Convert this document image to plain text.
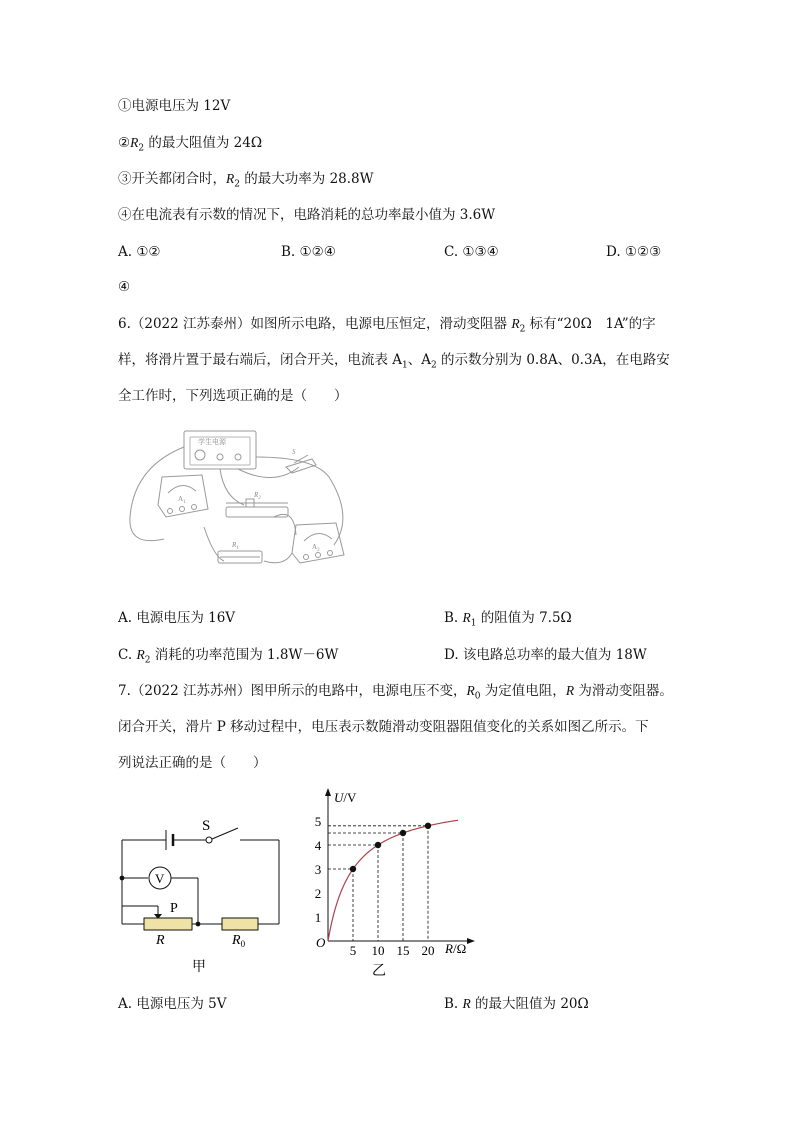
①电源电压为 12V
$②R_2$ 的最大阻值为 24Ω
③开关都闭合时，$R_2$ 的最大功率为 28.8W
④在电流表有示数的情况下，电路消耗的总功率最小值为 3.6W
A. ①②	B. ①②④	C. ①③④	D. ①②③
④
6.（2022 江苏泰州）如图所示电路，电源电压恒定，滑动变阻器 $R_2$ 标有“20Ω　1A”的字
样，将滑片置于最右端后，闭合开关，电流表 $A_1$、$A_2$ 的示数分别为 0.8A、0.3A，在电路安
全工作时，下列选项正确的是（　　）
学生电源
S
$R_2$
$R_1$
$A_1$
$A_2$
A. 电源电压为 16V	B. $R_1$ 的阻值为 7.5Ω
C. $R_2$ 消耗的功率范围为 1.8W－6W	D. 该电路总功率的最大值为 18W
7.（2022 江苏苏州）图甲所示的电路中，电源电压不变，$R_0$ 为定值电阻，R 为滑动变阻器。
闭合开关，滑片 P 移动过程中，电压表示数随滑动变阻器阻值变化的关系如图乙所示。下
列说法正确的是（　　）
S
V
P
R	$R_0$
甲
O
U/V
R/Ω
5 10 15 20
1
2
3
4
5
乙
A. 电源电压为 5V	B. R 的最大阻值为 20Ω
